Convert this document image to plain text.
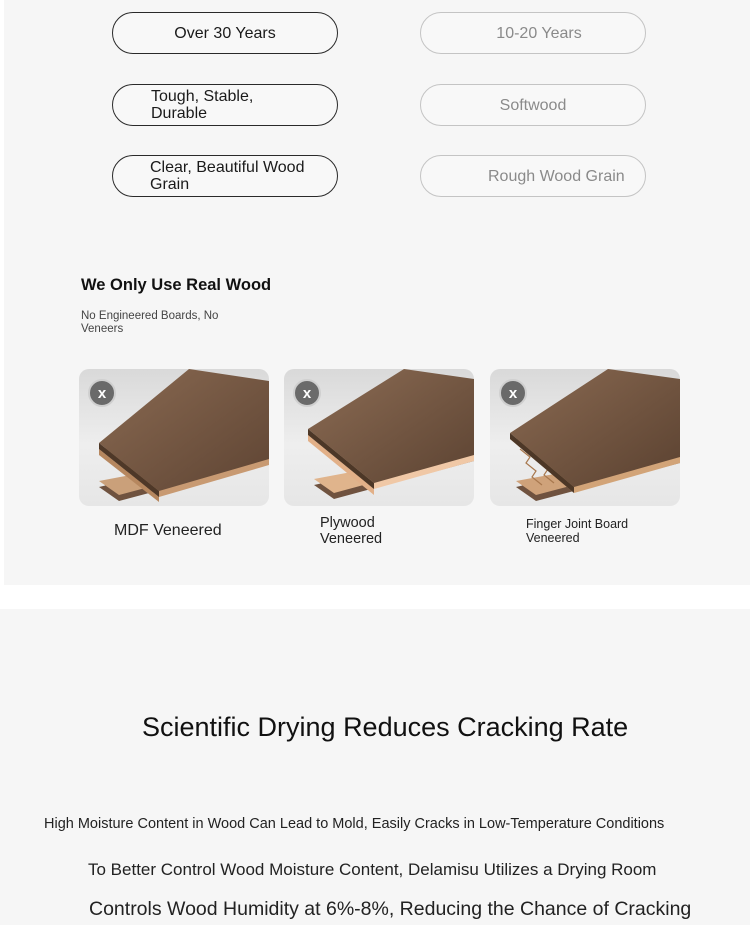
Over 30 Years
Tough, Stable, Durable
Clear, Beautiful Wood Grain
10-20 Years
Softwood
Rough Wood Grain
We Only Use Real Wood
No Engineered Boards, No Veneers
x
MDF Veneered
x
Plywood Veneered
x
Finger Joint Board Veneered
Scientific Drying Reduces Cracking Rate
High Moisture Content in Wood Can Lead to Mold, Easily Cracks in Low-Temperature Conditions
To Better Control Wood Moisture Content, Delamisu Utilizes a Drying Room
Controls Wood Humidity at 6%-8%, Reducing the Chance of Cracking
